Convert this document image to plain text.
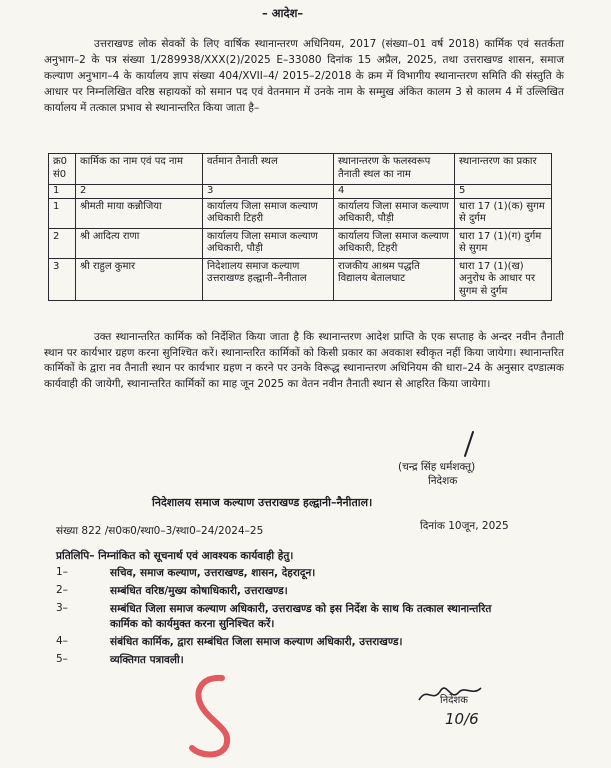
– आदेश–
उत्तराखण्ड लोक सेवकों के लिए वार्षिक स्थानान्तरण अधिनियम, 2017 (संख्या–01 वर्ष 2018) कार्मिक एवं सतर्कता अनुभाग–2 के पत्र संख्या 1/289938/XXX(2)/2025 E–33080 दिनांक 15 अप्रैल, 2025, तथा उत्तराखण्ड शासन, समाज कल्याण अनुभाग–4 के कार्यालय ज्ञाप संख्या 404/XVII–4/ 2015–2/2018 के क्रम में विभागीय स्थानान्तरण समिति की संस्तुति के आधार पर निम्नलिखित वरिष्ठ सहायकों को समान पद एवं वेतनमान में उनके नाम के सम्मुख अंकित कालम 3 से कालम 4 में उल्लिखित कार्यालय में तत्काल प्रभाव से स्थानान्तरित किया जाता है–
क्र0 सं0	कार्मिक का नाम एवं पद नाम	वर्तमान तैनाती स्थल	स्थानान्तरण के फलस्वरूप तैनाती स्थल का नाम	स्थानान्तरण का प्रकार
1	2	3	4	5
1	श्रीमती माया कन्नौजिया	कार्यालय जिला समाज कल्याण अधिकारी टिहरी	कार्यालय जिला समाज कल्याण अधिकारी, पौड़ी	धारा 17 (1)(क) सुगम से दुर्गम
2	श्री आदित्य राणा	कार्यालय जिला समाज कल्याण अधिकारी, पौड़ी	कार्यालय जिला समाज कल्याण अधिकारी, टिहरी	धारा 17 (1)(ग) दुर्गम से सुगम
3	श्री राहुल कुमार	निदेशालय समाज कल्याण उत्तराखण्ड हल्द्वानी–नैनीताल	राजकीय आश्रम पद्धति विद्यालय बेतालघाट	धारा 17 (1)(ख) अनुरोध के आधार पर सुगम से दुर्गम
उक्त स्थानान्तरित कार्मिक को निर्देशित किया जाता है कि स्थानान्तरण आदेश प्राप्ति के एक सप्ताह के अन्दर नवीन तैनाती स्थान पर कार्यभार ग्रहण करना सुनिश्चित करें। स्थानान्तरित कार्मिकों को किसी प्रकार का अवकाश स्वीकृत नहीं किया जायेगा। स्थानान्तरित कार्मिकों के द्वारा नव तैनाती स्थान पर कार्यभार ग्रहण न करने पर उनके विरूद्ध स्थानान्तरण अधिनियम की धारा–24 के अनुसार दण्डात्मक कार्यवाही की जायेगी, स्थानान्तरित कार्मिकों का माह जून 2025 का वेतन नवीन तैनाती स्थान से आहरित किया जायेगा।
(चन्द्र सिंह धर्मशक्तू)
निदेशक
निदेशालय समाज कल्याण उत्तराखण्ड हल्द्वानी–नैनीताल।
संख्या 822 /स0क0/स्था0–3/स्था0–24/2024–25	दिनांक 10जून, 2025
प्रतिलिपि– निम्नांकित को सूचनार्थ एवं आवश्यक कार्यवाही हेतु।
1–	सचिव, समाज कल्याण, उत्तराखण्ड, शासन, देहरादून।
2–	सम्बंधित वरिष्ठ/मुख्य कोषाधिकारी, उत्तराखण्ड।
3–	सम्बंधित जिला समाज कल्याण अधिकारी, उत्तराखण्ड को इस निर्देश के साथ कि तत्काल स्थानान्तरित
कार्मिक को कार्यमुक्त करना सुनिश्चित करें।
4–	संबंधित कार्मिक, द्वारा सम्बंधित जिला समाज कल्याण अधिकारी, उत्तराखण्ड।
5–	व्यक्तिगत पत्रावली।
निदेशक
10/6
